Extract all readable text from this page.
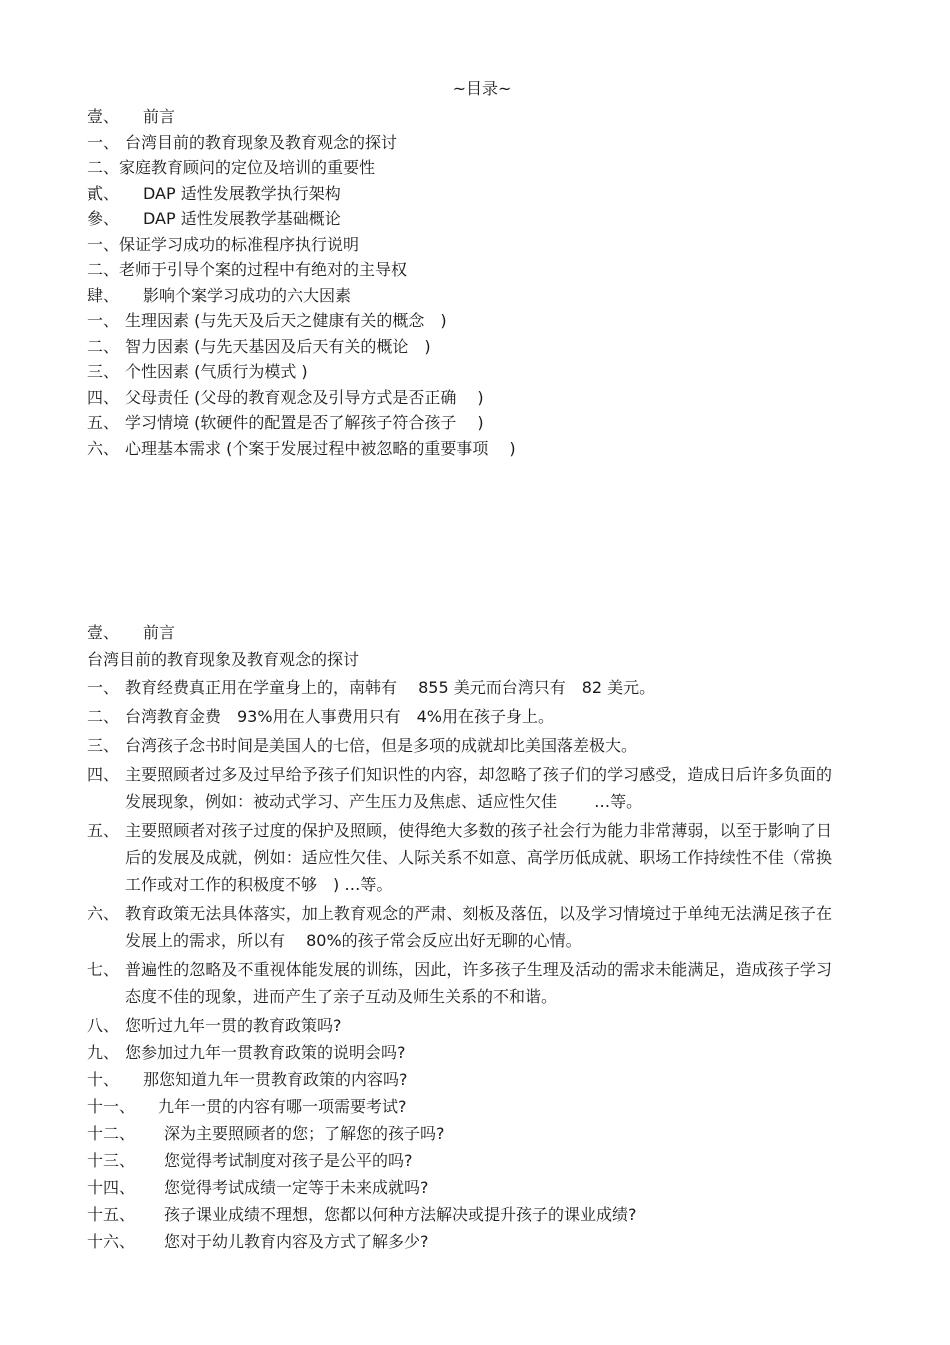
~目录~
壹、 前言
一、 台湾目前的教育现象及教育观念的探讨
二、家庭教育顾问的定位及培训的重要性
貳、 DAP 适性发展教学执行架构
參、 DAP 适性发展教学基础概论
一、保证学习成功的标准程序执行说明
二、老师于引导个案的过程中有绝对的主导权
肆、 影响个案学习成功的六大因素
一、 生理因素 (与先天及后天之健康有关的概念　)
二、 智力因素 (与先天基因及后天有关的概论　)
三、 个性因素 (气质行为模式 )
四、 父母责任 (父母的教育观念及引导方式是否正确　 )
五、 学习情境 (软硬件的配置是否了解孩子符合孩子　 )
六、 心理基本需求 (个案于发展过程中被忽略的重要事项　 )
壹、 前言
台湾目前的教育现象及教育观念的探讨
一、 教育经费真正用在学童身上的，南韩有　 855 美元而台湾只有　82 美元。
二、 台湾教育金费　93%用在人事费用只有　4%用在孩子身上。
三、 台湾孩子念书时间是美国人的七倍，但是多项的成就却比美国落差极大。
四、 主要照顾者过多及过早给予孩子们知识性的内容，却忽略了孩子们的学习感受，造成日后许多负面的发展现象，例如：被动式学习、产生压力及焦虑、适应性欠佳　　 …等。
五、 主要照顾者对孩子过度的保护及照顾，使得绝大多数的孩子社会行为能力非常薄弱，以至于影响了日后的发展及成就，例如：适应性欠佳、人际关系不如意、高学历低成就、职场工作持续性不佳（常换工作或对工作的积极度不够　) …等。
六、 教育政策无法具体落实，加上教育观念的严肃、刻板及落伍，以及学习情境过于单纯无法满足孩子在发展上的需求，所以有　 80%的孩子常会反应出好无聊的心情。
七、 普遍性的忽略及不重视体能发展的训练，因此，许多孩子生理及活动的需求未能满足，造成孩子学习态度不佳的现象，进而产生了亲子互动及师生关系的不和谐。
八、 您听过九年一贯的教育政策吗?
九、 您参加过九年一贯教育政策的说明会吗?
十、	那您知道九年一贯教育政策的内容吗?
十一、	九年一贯的内容有哪一项需要考试?
十二、	深为主要照顾者的您；了解您的孩子吗?
十三、	您觉得考试制度对孩子是公平的吗?
十四、	您觉得考试成绩一定等于未来成就吗?
十五、	孩子课业成绩不理想，您都以何种方法解决或提升孩子的课业成绩?
十六、	您对于幼儿教育内容及方式了解多少?
